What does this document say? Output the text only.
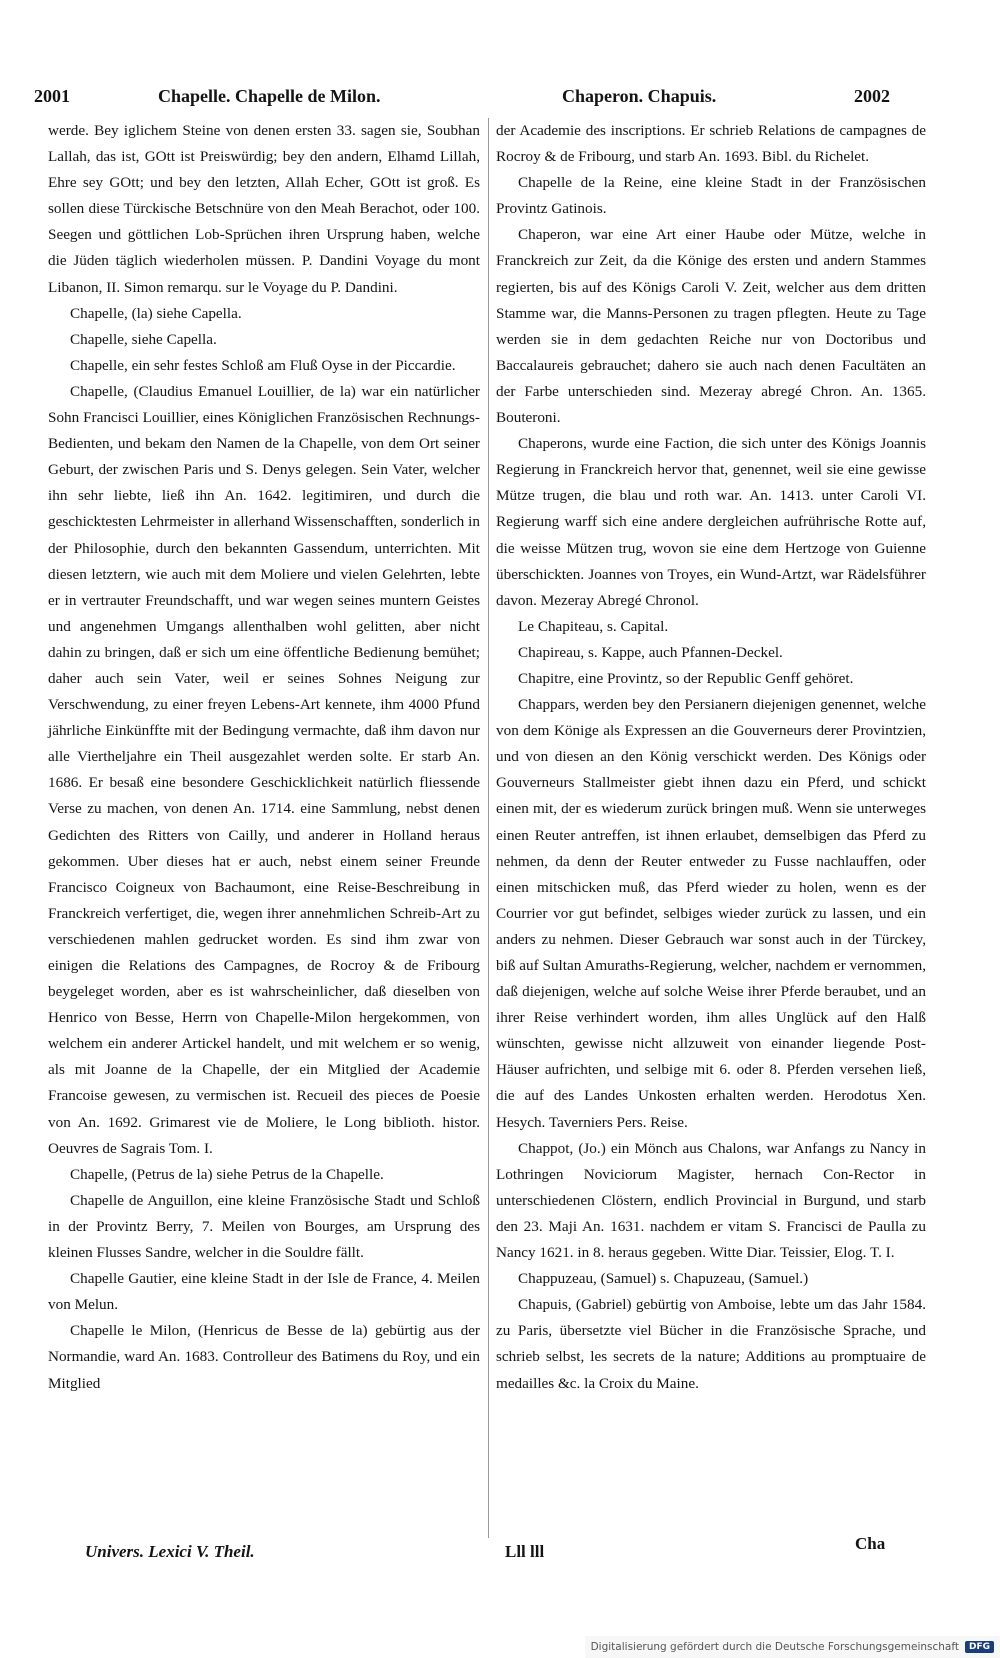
2001	Chapelle. Chapelle de Milon.	Chaperon. Chapuis.	2002

werde. Bey iglichem Steine von denen ersten 33. sagen sie, Soubhan Lallah, das ist, GOtt ist Preiswürdig; bey den andern, Elhamd Lillah, Ehre sey GOtt; und bey den letzten, Allah Echer, GOtt ist groß. Es sollen diese Türckische Betschnüre von den Meah Berachot, oder 100. Seegen und göttlichen Lob-Sprüchen ihren Ursprung haben, welche die Jüden täglich wiederholen müssen. P. Dandini Voyage du mont Libanon, II. Simon remarqu. sur le Voyage du P. Dandini.

Chapelle, (la) siehe Capella.

Chapelle, siehe Capella.

Chapelle, ein sehr festes Schloß am Fluß Oyse in der Piccardie.

Chapelle, (Claudius Emanuel Louillier, de la) war ein natürlicher Sohn Francisci Louillier, eines Königlichen Französischen Rechnungs-Bedienten, und bekam den Namen de la Chapelle, von dem Ort seiner Geburt, der zwischen Paris und S. Denys gelegen. Sein Vater, welcher ihn sehr liebte, ließ ihn An. 1642. legitimiren, und durch die geschicktesten Lehrmeister in allerhand Wissenschafften, sonderlich in der Philosophie, durch den bekannten Gassendum, unterrichten. Mit diesen letztern, wie auch mit dem Moliere und vielen Gelehrten, lebte er in vertrauter Freundschafft, und war wegen seines muntern Geistes und angenehmen Umgangs allenthalben wohl gelitten, aber nicht dahin zu bringen, daß er sich um eine öffentliche Bedienung bemühet; daher auch sein Vater, weil er seines Sohnes Neigung zur Verschwendung, zu einer freyen Lebens-Art kennete, ihm 4000 Pfund jährliche Einkünffte mit der Bedingung vermachte, daß ihm davon nur alle Viertheljahre ein Theil ausgezahlet werden solte. Er starb An. 1686. Er besaß eine besondere Geschicklichkeit natürlich fliessende Verse zu machen, von denen An. 1714. eine Sammlung, nebst denen Gedichten des Ritters von Cailly, und anderer in Holland heraus gekommen. Uber dieses hat er auch, nebst einem seiner Freunde Francisco Coigneux von Bachaumont, eine Reise-Beschreibung in Franckreich verfertiget, die, wegen ihrer annehmlichen Schreib-Art zu verschiedenen mahlen gedrucket worden. Es sind ihm zwar von einigen die Relations des Campagnes, de Rocroy & de Fribourg beygeleget worden, aber es ist wahrscheinlicher, daß dieselben von Henrico von Besse, Herrn von Chapelle-Milon hergekommen, von welchem ein anderer Artickel handelt, und mit welchem er so wenig, als mit Joanne de la Chapelle, der ein Mitglied der Academie Francoise gewesen, zu vermischen ist. Recueil des pieces de Poesie von An. 1692. Grimarest vie de Moliere, le Long biblioth. histor. Oeuvres de Sagrais Tom. I.

Chapelle, (Petrus de la) siehe Petrus de la Chapelle.

Chapelle de Anguillon, eine kleine Französische Stadt und Schloß in der Provintz Berry, 7. Meilen von Bourges, am Ursprung des kleinen Flusses Sandre, welcher in die Souldre fällt.

Chapelle Gautier, eine kleine Stadt in der Isle de France, 4. Meilen von Melun.

Chapelle le Milon, (Henricus de Besse de la) gebürtig aus der Normandie, ward An. 1683. Controlleur des Batimens du Roy, und ein Mitglied

der Academie des inscriptions. Er schrieb Relations de campagnes de Rocroy & de Fribourg, und starb An. 1693. Bibl. du Richelet.

Chapelle de la Reine, eine kleine Stadt in der Französischen Provintz Gatinois.

Chaperon, war eine Art einer Haube oder Mütze, welche in Franckreich zur Zeit, da die Könige des ersten und andern Stammes regierten, bis auf des Königs Caroli V. Zeit, welcher aus dem dritten Stamme war, die Manns-Personen zu tragen pflegten. Heute zu Tage werden sie in dem gedachten Reiche nur von Doctoribus und Baccalaureis gebrauchet; dahero sie auch nach denen Facultäten an der Farbe unterschieden sind. Mezeray abregé Chron. An. 1365. Bouteroni.

Chaperons, wurde eine Faction, die sich unter des Königs Joannis Regierung in Franckreich hervor that, genennet, weil sie eine gewisse Mütze trugen, die blau und roth war. An. 1413. unter Caroli VI. Regierung warff sich eine andere dergleichen aufrührische Rotte auf, die weisse Mützen trug, wovon sie eine dem Hertzoge von Guienne überschickten. Joannes von Troyes, ein Wund-Artzt, war Rädelsführer davon. Mezeray Abregé Chronol.

Le Chapiteau, s. Capital.

Chapireau, s. Kappe, auch Pfannen-Deckel.

Chapitre, eine Provintz, so der Republic Genff gehöret.

Chappars, werden bey den Persianern diejenigen genennet, welche von dem Könige als Expressen an die Gouverneurs derer Provintzien, und von diesen an den König verschickt werden. Des Königs oder Gouverneurs Stallmeister giebt ihnen dazu ein Pferd, und schickt einen mit, der es wiederum zurück bringen muß. Wenn sie unterweges einen Reuter antreffen, ist ihnen erlaubet, demselbigen das Pferd zu nehmen, da denn der Reuter entweder zu Fusse nachlauffen, oder einen mitschicken muß, das Pferd wieder zu holen, wenn es der Courrier vor gut befindet, selbiges wieder zurück zu lassen, und ein anders zu nehmen. Dieser Gebrauch war sonst auch in der Türckey, biß auf Sultan Amuraths-Regierung, welcher, nachdem er vernommen, daß diejenigen, welche auf solche Weise ihrer Pferde beraubet, und an ihrer Reise verhindert worden, ihm alles Unglück auf den Halß wünschten, gewisse nicht allzuweit von einander liegende Post-Häuser aufrichten, und selbige mit 6. oder 8. Pferden versehen ließ, die auf des Landes Unkosten erhalten werden. Herodotus Xen. Hesych. Taverniers Pers. Reise.

Chappot, (Jo.) ein Mönch aus Chalons, war Anfangs zu Nancy in Lothringen Noviciorum Magister, hernach Con-Rector in unterschiedenen Clöstern, endlich Provincial in Burgund, und starb den 23. Maji An. 1631. nachdem er vitam S. Francisci de Paulla zu Nancy 1621. in 8. heraus gegeben. Witte Diar. Teissier, Elog. T. I.

Chappuzeau, (Samuel) s. Chapuzeau, (Samuel.)

Chapuis, (Gabriel) gebürtig von Amboise, lebte um das Jahr 1584. zu Paris, übersetzte viel Bücher in die Französische Sprache, und schrieb selbst, les secrets de la nature; Additions au promptuaire de medailles &c. la Croix du Maine.

Univers. Lexici V. Theil.	Lll lll	Cha
Digitalisierung gefördert durch die Deutsche Forschungsgemeinschaft	DFG
